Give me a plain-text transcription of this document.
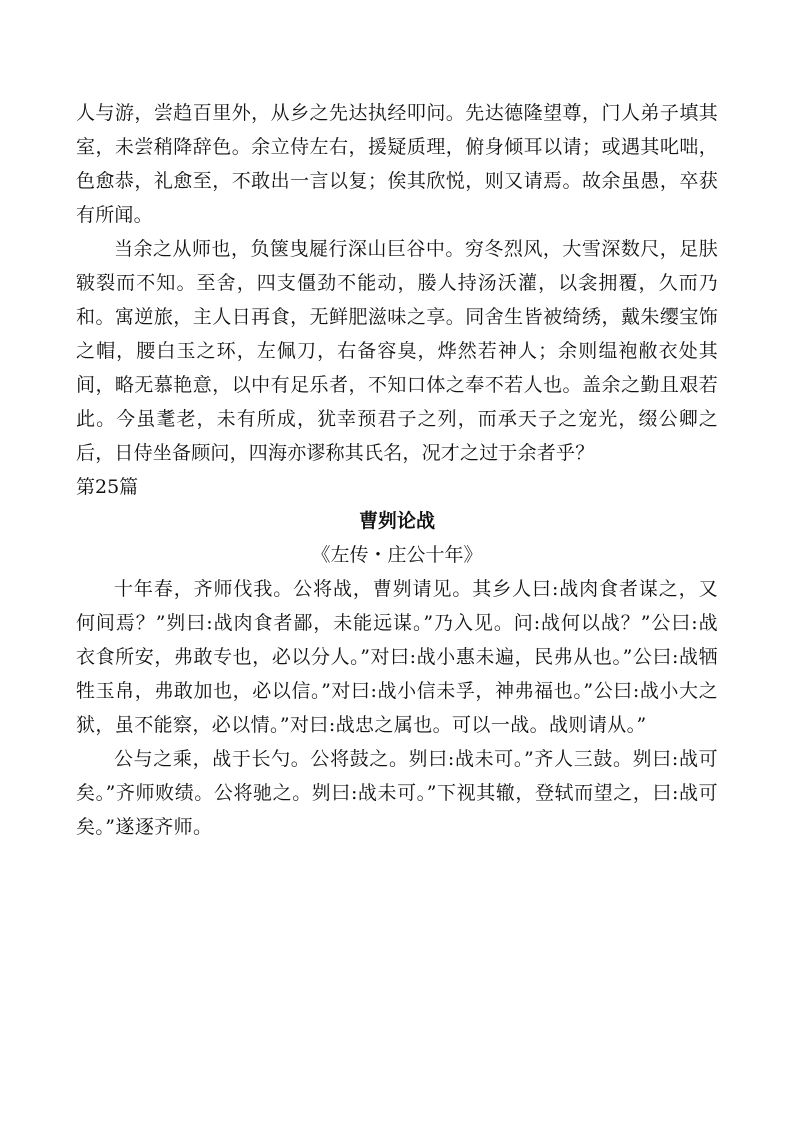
人与游，尝趋百里外，从乡之先达执经叩问。先达德隆望尊，门人弟子填其室，未尝稍降辞色。余立侍左右，援疑质理，俯身倾耳以请；或遇其叱咄，色愈恭，礼愈至，不敢出一言以复；俟其欣悦，则又请焉。故余虽愚，卒获有所闻。

当余之从师也，负箧曳屣行深山巨谷中。穷冬烈风，大雪深数尺，足肤皲裂而不知。至舍，四支僵劲不能动，媵人持汤沃灌，以衾拥覆，久而乃和。寓逆旅，主人日再食，无鲜肥滋味之享。同舍生皆被绮绣，戴朱缨宝饰之帽，腰白玉之环，左佩刀，右备容臭，烨然若神人；余则缊袍敝衣处其间，略无慕艳意，以中有足乐者，不知口体之奉不若人也。盖余之勤且艰若此。今虽耄老，未有所成，犹幸预君子之列，而承天子之宠光，缀公卿之后，日侍坐备顾问，四海亦谬称其氏名，况才之过于余者乎？

第25篇

曹刿论战

《左传・庄公十年》

十年春，齐师伐我。公将战，曹刿请见。其乡人曰:战肉食者谋之，又何间焉？”刿曰:战肉食者鄙，未能远谋。”乃入见。问:战何以战？”公曰:战衣食所安，弗敢专也，必以分人。”对曰:战小惠未遍，民弗从也。”公曰:战牺牲玉帛，弗敢加也，必以信。”对曰:战小信未孚，神弗福也。”公曰:战小大之狱，虽不能察，必以情。”对曰:战忠之属也。可以一战。战则请从。”

公与之乘，战于长勺。公将鼓之。刿曰:战未可。”齐人三鼓。刿曰:战可矣。”齐师败绩。公将驰之。刿曰:战未可。”下视其辙，登轼而望之，曰:战可矣。”遂逐齐师。
